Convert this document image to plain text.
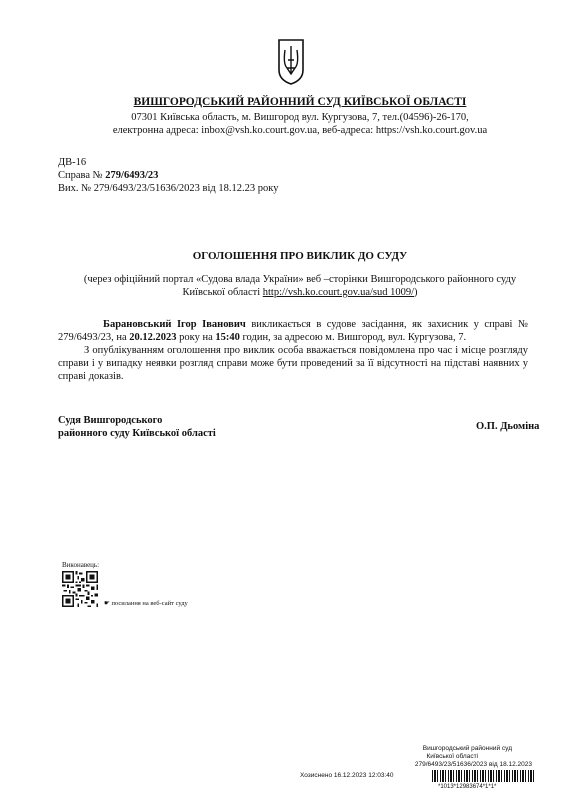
ВИШГОРОДСЬКИЙ РАЙОННИЙ СУД КИЇВСЬКОЇ ОБЛАСТІ
07301 Київська область, м. Вишгород вул. Кургузова, 7, тел.(04596)-26-170,
електронна адреса: inbox@vsh.ko.court.gov.ua, веб-адреса: https://vsh.ko.court.gov.ua
ДВ-16
Справа № 279/6493/23
Вих. № 279/6493/23/51636/2023 від 18.12.23 року
ОГОЛОШЕННЯ ПРО ВИКЛИК ДО СУДУ
(через офіційний портал «Судова влада України» веб –сторінки Вишгородського районного суду Київської області http://vsh.ko.court.gov.ua/sud 1009/)
Барановський Ігор Іванович викликається в судове засідання, як захисник у справі № 279/6493/23, на 20.12.2023 року на 15:40 годин, за адресою м. Вишгород, вул. Кургузова, 7.
З опублікуванням оголошення про виклик особа вважається повідомлена про час і місце розгляду справи і у випадку неявки розгляд справи може бути проведений за її відсутності на підставі наявних у справі доказів.
Судя Вишгородського
районного суду Київської області
О.П. Дьоміна
Виконавець:
☛ посилання на веб-сайт суду
Вишгородський районний суд
Київської області
279/6493/23/51636/2023 від 18.12.2023
Хозиснено 16.12.2023 12:03:40
*1013*12983674*1*1*
